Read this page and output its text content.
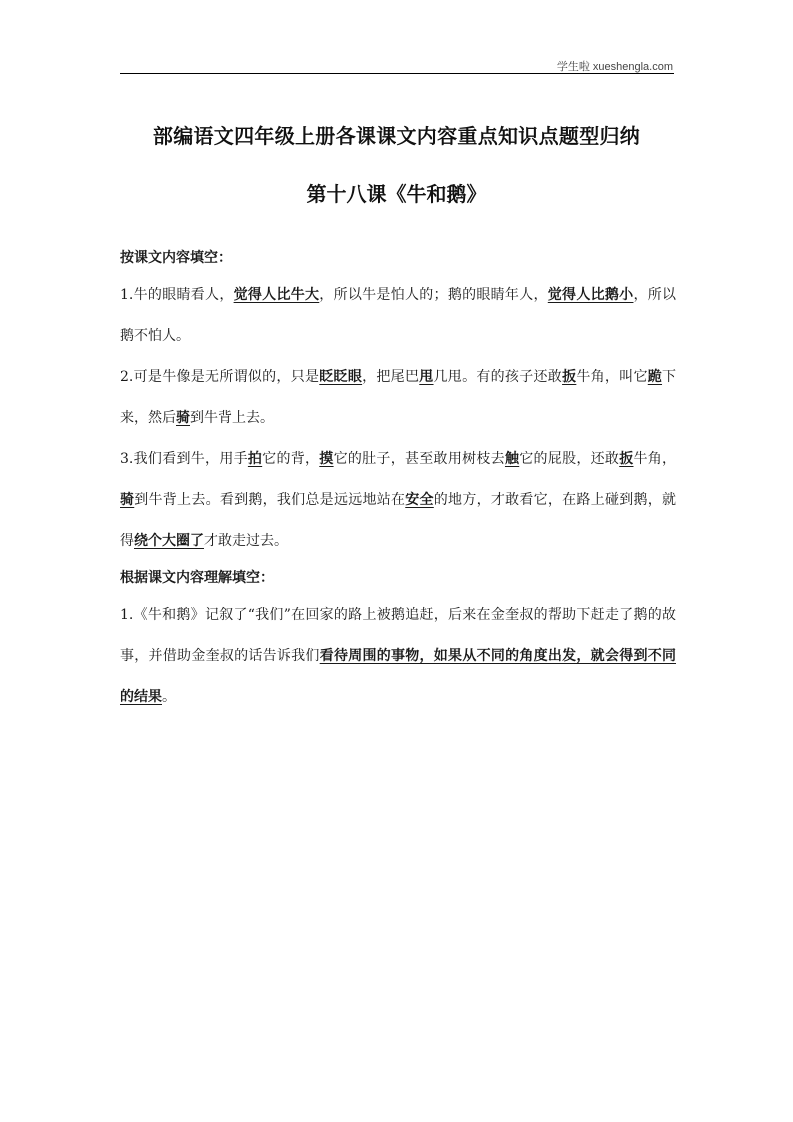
学生啦 xueshengla.com
部编语文四年级上册各课课文内容重点知识点题型归纳
第十八课《牛和鹅》
按课文内容填空：

1.牛的眼睛看人，觉得人比牛大，所以牛是怕人的；鹅的眼睛年人，觉得人比鹅小，所以鹅不怕人。

2.可是牛像是无所谓似的，只是眨眨眼，把尾巴甩几甩。有的孩子还敢扳牛角，叫它跪下来，然后骑到牛背上去。

3.我们看到牛，用手拍它的背，摸它的肚子，甚至敢用树枝去触它的屁股，还敢扳牛角，骑到牛背上去。看到鹅，我们总是远远地站在安全的地方，才敢看它，在路上碰到鹅，就得绕个大圈了才敢走过去。

根据课文内容理解填空：

1.《牛和鹅》记叙了“我们”在回家的路上被鹅追赶，后来在金奎叔的帮助下赶走了鹅的故事，并借助金奎叔的话告诉我们看待周围的事物，如果从不同的角度出发，就会得到不同的结果。
